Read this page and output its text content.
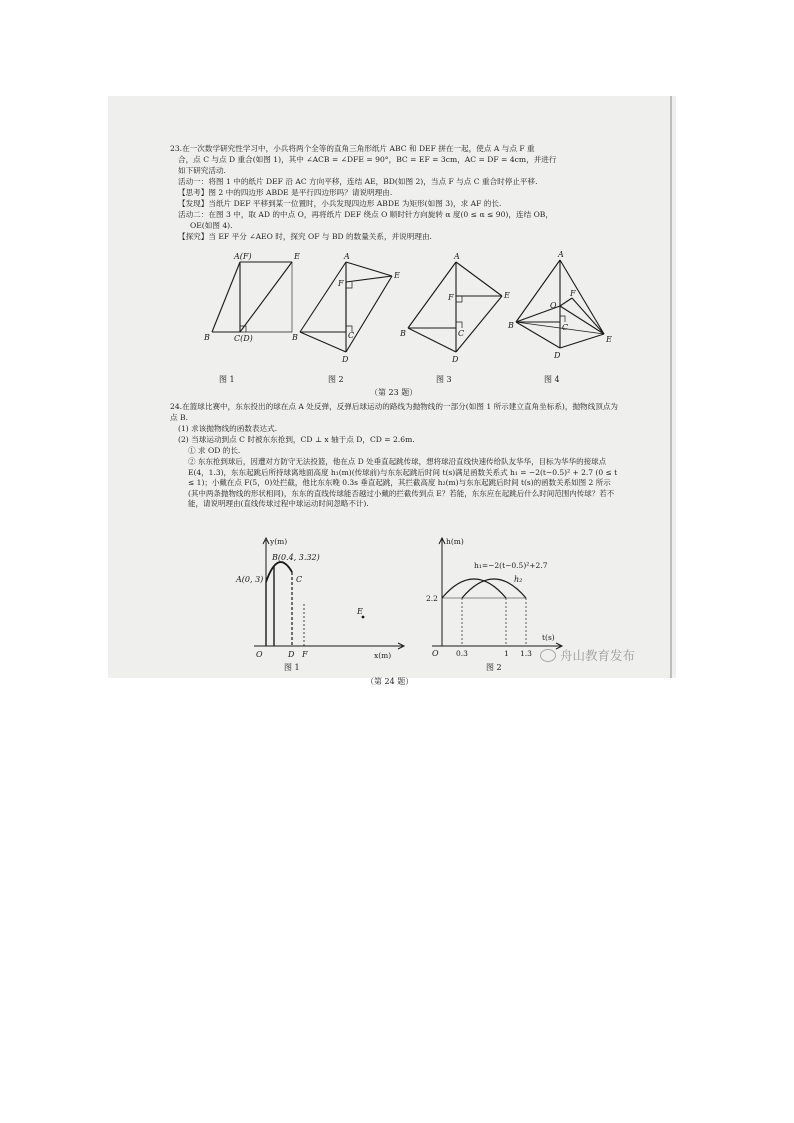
23.在一次数学研究性学习中，小兵将两个全等的直角三角形纸片 ABC 和 DEF 拼在一起，使点 A 与点 F 重
合，点 C 与点 D 重合(如图 1)，其中 ∠ACB = ∠DFE = 90°，BC = EF = 3cm，AC = DF = 4cm，并进行
如下研究活动.
活动一：将图 1 中的纸片 DEF 沿 AC 方向平移，连结 AE，BD(如图 2)，当点 F 与点 C 重合时停止平移.
【思考】图 2 中的四边形 ABDE 是平行四边形吗？请说明理由.
【发现】当纸片 DEF 平移到某一位置时，小兵发现四边形 ABDE 为矩形(如图 3)，求 AF 的长.
活动二：在图 3 中，取 AD 的中点 O，再将纸片 DEF 绕点 O 顺时针方向旋转 α 度(0 ≤ α ≤ 90)，连结 OB，
OE(如图 4).
【探究】当 EF 平分 ∠AEO 时，探究 OF 与 BD 的数量关系，并说明理由.
A(F)	E
B	C(D)
A
F
E
B	C
D
A
F	E
B	C
D
A
O
F
B	C
D
E
图 1	图 2	图 3	图 4
（第 23 题）
24.在篮球比赛中，东东投出的球在点 A 处反弹，反弹后球运动的路线为抛物线的一部分(如图 1 所示建立直角坐标系)，抛物线顶点为点 B.
(1) 求该抛物线的函数表达式.
(2) 当球运动到点 C 时被东东抢到，CD ⊥ x 轴于点 D，CD = 2.6m.
① 求 OD 的长.
② 东东抢到球后，因遭对方防守无法投篮，他在点 D 处垂直起跳传球，想将球沿直线快速传给队友华华，目标为华华的接球点 E(4，1.3)，东东起跳后所持球离地面高度 h₁(m)(传球前)与东东起跳后时间 t(s)满足函数关系式 h₁ = −2(t−0.5)² + 2.7 (0 ≤ t ≤ 1)；小戴在点 F(5，0)处拦截，他比东东晚 0.3s 垂直起跳，其拦截高度 h₂(m)与东东起跳后时间 t(s)的函数关系如图 2 所示(其中两条抛物线的形状相同)，东东的直线传球能否越过小戴的拦截传到点 E？若能，东东应在起跳后什么时间范围内传球？若不能，请说明理由(直线传球过程中球运动时间忽略不计).
y(m)
B(0.4, 3.32)
A(0, 3)	C
E
O	D F	x(m)
图 1
h(m)
h₁=−2(t−0.5)²+2.7
h₂
2.2
O 0.3	1 1.3
t(s)
图 2
（第 24 题）
舟山教育发布
